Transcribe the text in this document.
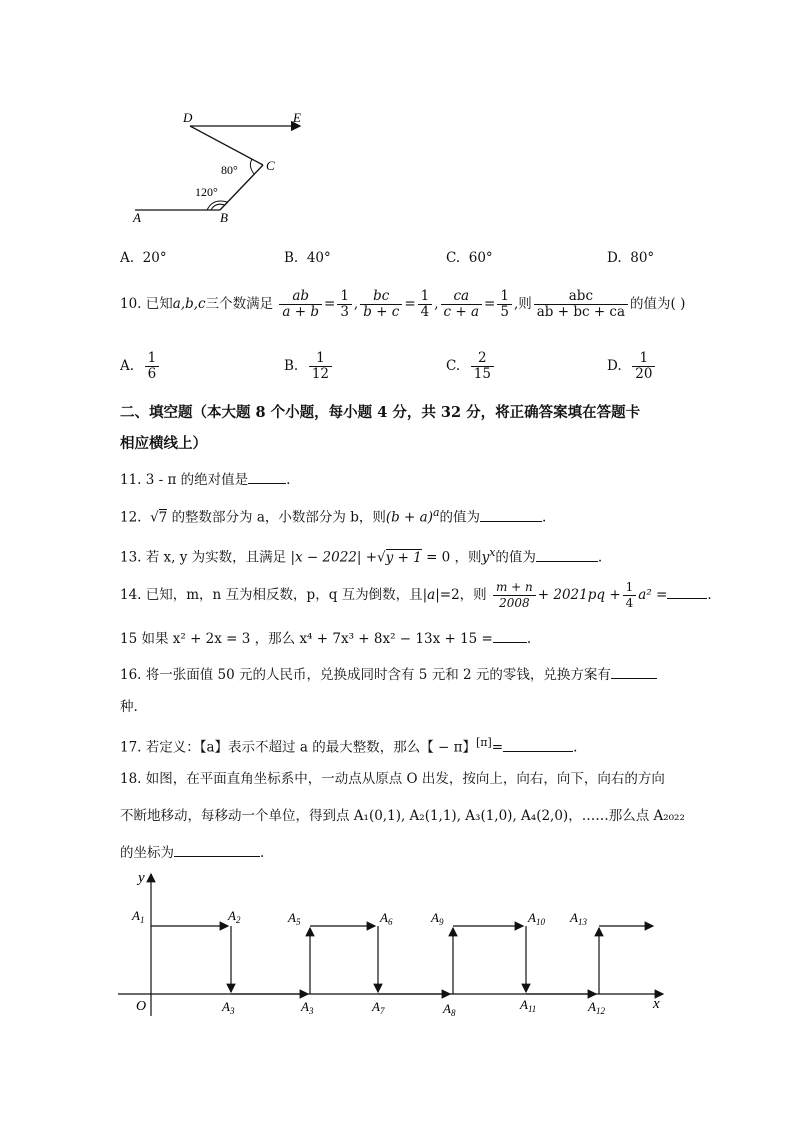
D	E
C
A	B
80°
120°
A. 20°	B. 40°	C. 60°	D. 80°
10. 已知a,b,c三个数满足 $\frac{ab}{a + b} = \frac{1}{3}$ , $\frac{bc}{b + c} = \frac{1}{4}$ , $\frac{ca}{c + a} = \frac{1}{5}$ ,则 $\frac{\text{abc}}{ab + bc + ca}$ 的值为( )
A. $\frac{1}{6}$	B. $\frac{1}{12}$	C. $\frac{2}{15}$	D. $\frac{1}{20}$
二、填空题（本大题 8 个小题，每小题 4 分，共 32 分，将正确答案填在答题卡
相应横线上）
11. 3 - π 的绝对值是	.
12.  √7 的整数部分为 a，小数部分为 b，则$(b + a)^a$的值为	.
13. 若 x, y 为实数，且满足 |x − 2022| +√y + 1 = 0 ，则$y^x$的值为	.
14. 已知，m，n 互为相反数，p，q 互为倒数，且|a|=2，则 $\frac{m + n}{2008} + 2021pq + \frac{1}{4} a^2$ =	.
15 如果 x² + 2x = 3 ，那么 x⁴ + 7x³ + 8x² − 13x + 15 =	.
16. 将一张面值 50 元的人民币，兑换成同时含有 5 元和 2 元的零钱，兑换方案有
种.
17. 若定义：【a】表示不超过 a 的最大整数，那么【 − π】[π]=	.
18. 如图，在平面直角坐标系中，一动点从原点 O 出发，按向上，向右，向下，向右的方向
不断地移动，每移动一个单位，得到点 A₁(0,1), A₂(1,1), A₃(1,0), A₄(2,0)，……那么点 A₂₀₂₂
的坐标为	.
y
x
O
$A_1$	$A_2$
$A_3$
$A_5$	$A_6$
$A_3$	$A_7$	$A_8$
$A_9$	$A_{10}$
$A_{11}$	$A_{12}$
$A_{13}$
